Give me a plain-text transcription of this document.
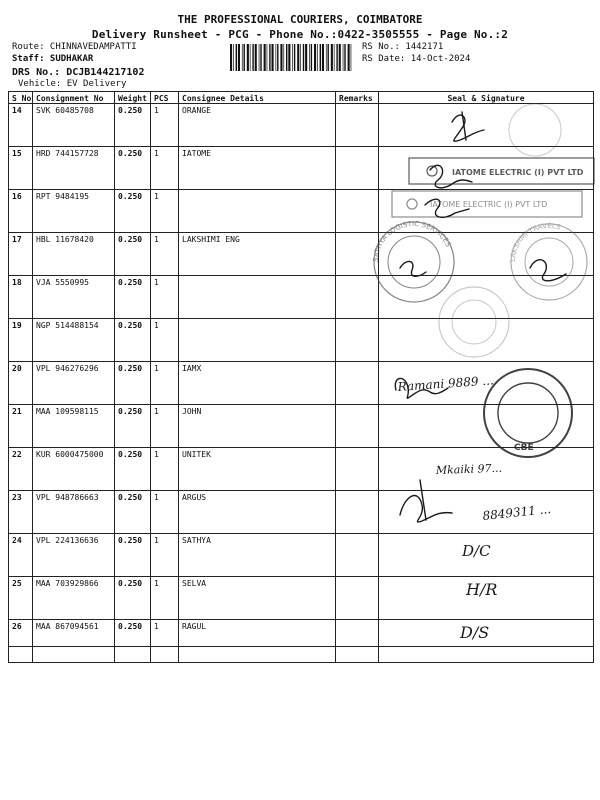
THE PROFESSIONAL COURIERS, COIMBATORE
Delivery Runsheet - PCG - Phone No.:0422-3505555 - Page No.:2
Route: CHINNAVEDAMPATTI
Staff: SUDHAKAR
DRS No.: DCJB144217102
Vehicle: EV Delivery
RS No.: 1442171
RS Date: 14-Oct-2024
S No	Consignment No	Weight	PCS	Consignee Details	Remarks	Seal & Signature
14	SVK 60485708	0.250	1	ORANGE		
15	HRD 744157728	0.250	1	IATOME		
16	RPT 9484195	0.250	1			
17	HBL 11678420	0.250	1	LAKSHIMI ENG		
18	VJA 5550995	0.250	1			
19	NGP 514488154	0.250	1			
20	VPL 946276296	0.250	1	IAMX		
21	MAA 109598115	0.250	1	JOHN		
22	KUR 6000475000	0.250	1	UNITEK		
23	VPL 948786663	0.250	1	ARGUS		
24	VPL 224136636	0.250	1	SATHYA		
25	MAA 703929866	0.250	1	SELVA		
26	MAA 867094561	0.250	1	RAGUL		
IATOME ELECTRIC (I) PVT LTD
IATOME ELECTRIC (I) PVT LTD
SATHYA LOGISTIC SERVICES
LAKSHMI TRAVELS
CBE
Ramani 9889 ...
Mkaiki 97...
8849311 ...
D/C
H/R
D/S
